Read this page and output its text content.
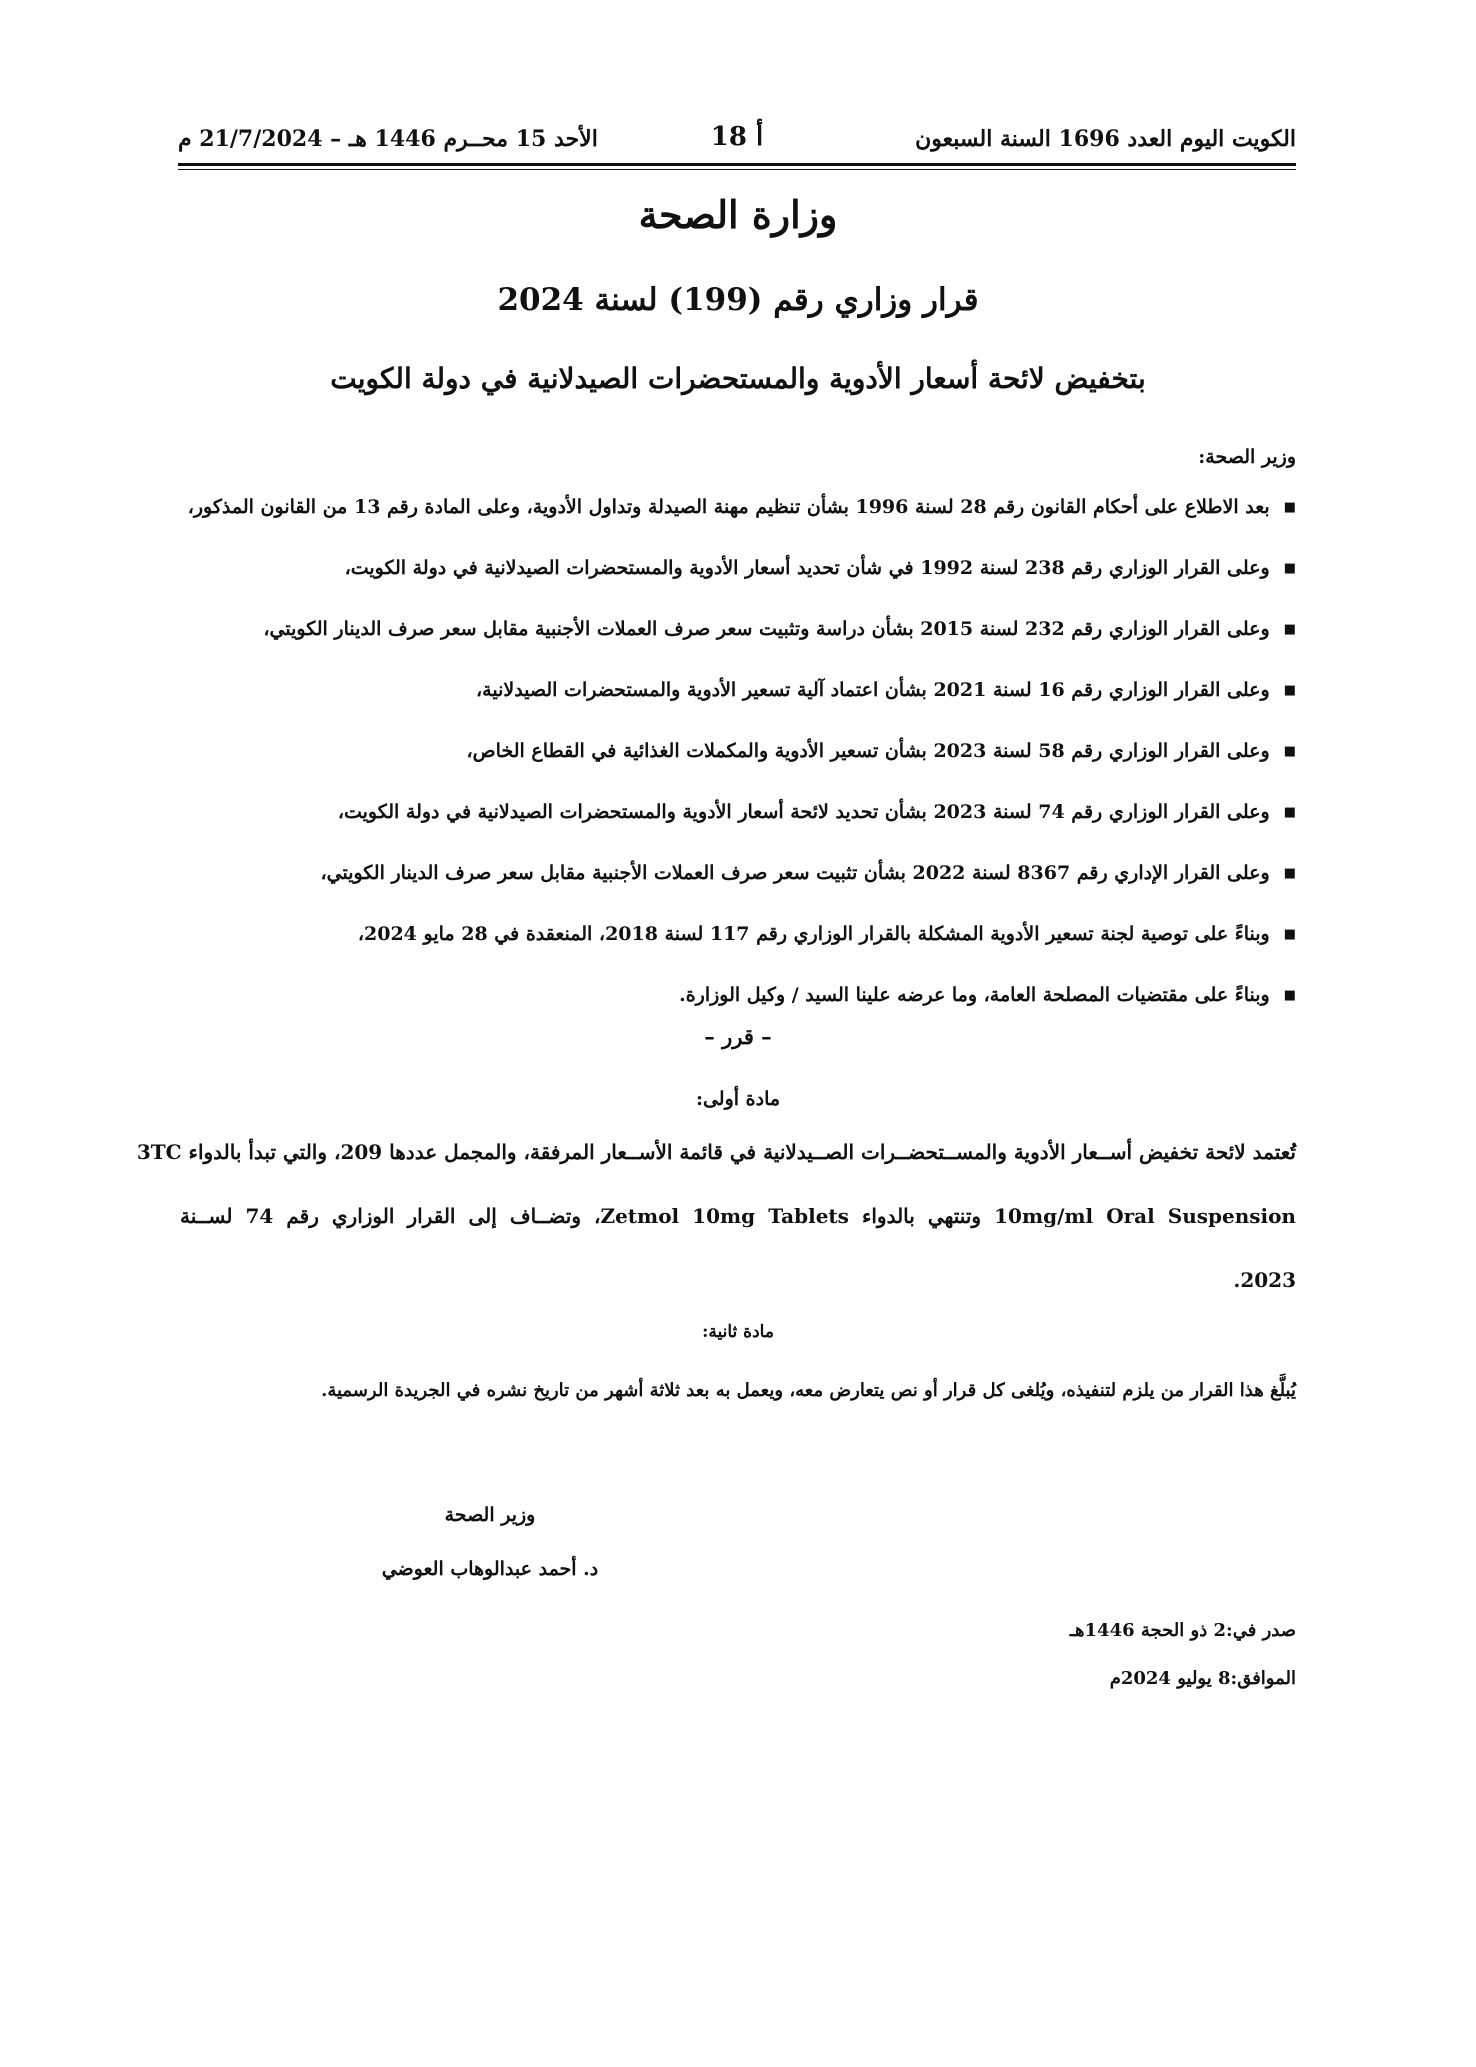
الكويت اليوم العدد 1696 السنة السبعون
أ 18
الأحد 15 محــرم 1446 هـ – 21/7/2024 م
وزارة الصحة
قرار وزاري رقم (199) لسنة 2024
بتخفيض لائحة أسعار الأدوية والمستحضرات الصيدلانية في دولة الكويت
وزير الصحة:
■بعد الاطلاع على أحكام القانون رقم 28 لسنة 1996 بشأن تنظيم مهنة الصيدلة وتداول الأدوية، وعلى المادة رقم 13 من القانون المذكور،
■وعلى القرار الوزاري رقم 238 لسنة 1992 في شأن تحديد أسعار الأدوية والمستحضرات الصيدلانية في دولة الكويت،
■وعلى القرار الوزاري رقم 232 لسنة 2015 بشأن دراسة وتثبيت سعر صرف العملات الأجنبية مقابل سعر صرف الدينار الكويتي،
■وعلى القرار الوزاري رقم 16 لسنة 2021 بشأن اعتماد آلية تسعير الأدوية والمستحضرات الصيدلانية،
■وعلى القرار الوزاري رقم 58 لسنة 2023 بشأن تسعير الأدوية والمكملات الغذائية في القطاع الخاص،
■وعلى القرار الوزاري رقم 74 لسنة 2023 بشأن تحديد لائحة أسعار الأدوية والمستحضرات الصيدلانية في دولة الكويت،
■وعلى القرار الإداري رقم 8367 لسنة 2022 بشأن تثبيت سعر صرف العملات الأجنبية مقابل سعر صرف الدينار الكويتي،
■وبناءً على توصية لجنة تسعير الأدوية المشكلة بالقرار الوزاري رقم 117 لسنة 2018، المنعقدة في 28 مايو 2024،
■وبناءً على مقتضيات المصلحة العامة، وما عرضه علينا السيد / وكيل الوزارة.
– قرر –
مادة أولى:
تُعتمد لائحة تخفيض أســعار الأدوية والمســتحضــرات الصــيدلانية في قائمة الأســعار المرفقة، والمجمل عددها 209، والتي تبدأ بالدواء 3TC
10mg/ml Oral Suspension وتنتهي بالدواء Zetmol 10mg Tablets، وتضــاف إلى القرار الوزاري رقم 74 لســنة
2023.
مادة ثانية:
يُبلَّغ هذا القرار من يلزم لتنفيذه، ويُلغى كل قرار أو نص يتعارض معه، ويعمل به بعد ثلاثة أشهر من تاريخ نشره في الجريدة الرسمية.
وزير الصحة
د. أحمد عبدالوهاب العوضي
صدر في:2 ذو الحجة 1446هـ
الموافق:8 يوليو 2024م
